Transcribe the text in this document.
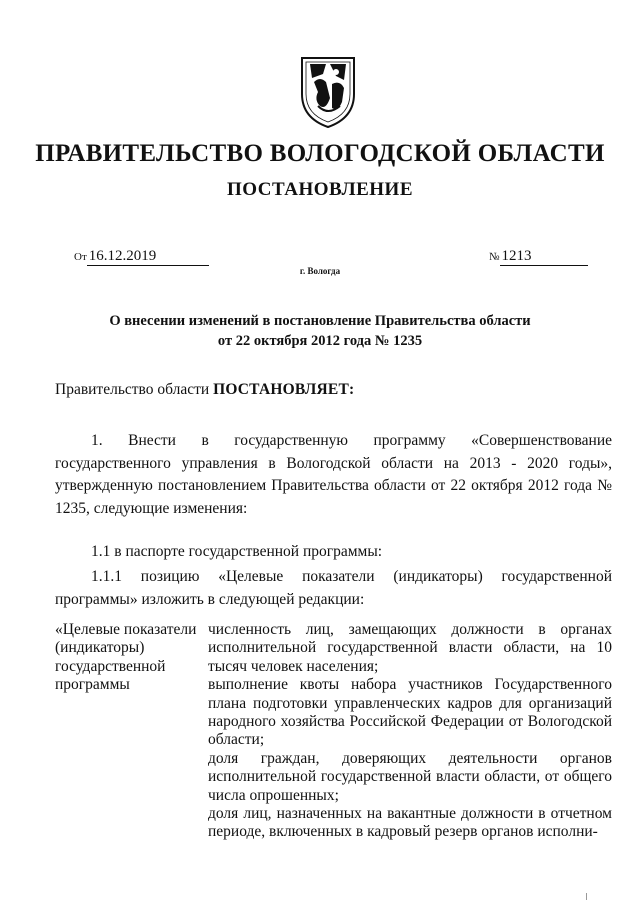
ПРАВИТЕЛЬСТВО ВОЛОГОДСКОЙ ОБЛАСТИ
ПОСТАНОВЛЕНИЕ
От 16.12.2019	№ 1213
г. Вологда
О внесении изменений в постановление Правительства области
от 22 октября 2012 года № 1235
Правительство области ПОСТАНОВЛЯЕТ:
1. Внести в государственную программу «Совершенствование государственного управления в Вологодской области на 2013 - 2020 годы», утвержденную постановлением Правительства области от 22 октября 2012 года № 1235, следующие изменения:
1.1 в паспорте государственной программы:
1.1.1 позицию «Целевые показатели (индикаторы) государственной программы» изложить в следующей редакции:
«Целевые показатели (индикаторы) государственной программы

численность лиц, замещающих должности в органах исполнительной государственной власти области, на 10 тысяч человек населения;

выполнение квоты набора участников Государственного плана подготовки управленческих кадров для организаций народного хозяйства Российской Федерации от Вологодской области;

доля граждан, доверяющих деятельности органов исполнительной государственной власти области, от общего числа опрошенных;

доля лиц, назначенных на вакантные должности в отчетном периоде, включенных в кадровый резерв органов исполни-
